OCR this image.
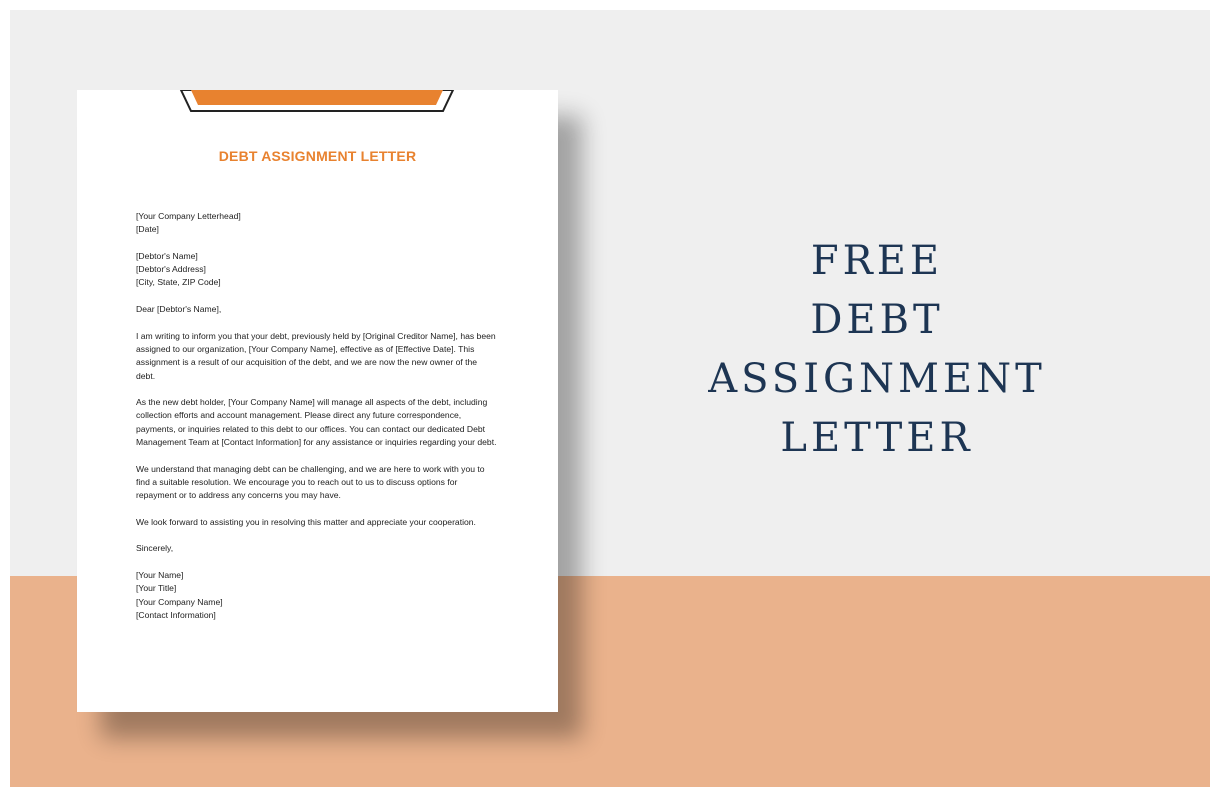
DEBT ASSIGNMENT LETTER
[Your Company Letterhead]
[Date]
[Debtor's Name]
[Debtor's Address]
[City, State, ZIP Code]
Dear [Debtor's Name],
I am writing to inform you that your debt, previously held by [Original Creditor Name], has been assigned to our organization, [Your Company Name], effective as of [Effective Date]. This assignment is a result of our acquisition of the debt, and we are now the new owner of the debt.
As the new debt holder, [Your Company Name] will manage all aspects of the debt, including collection efforts and account management. Please direct any future correspondence, payments, or inquiries related to this debt to our offices. You can contact our dedicated Debt Management Team at [Contact Information] for any assistance or inquiries regarding your debt.
We understand that managing debt can be challenging, and we are here to work with you to find a suitable resolution. We encourage you to reach out to us to discuss options for repayment or to address any concerns you may have.
We look forward to assisting you in resolving this matter and appreciate your cooperation.
Sincerely,
[Your Name]
[Your Title]
[Your Company Name]
[Contact Information]
FREE
DEBT
ASSIGNMENT
LETTER
